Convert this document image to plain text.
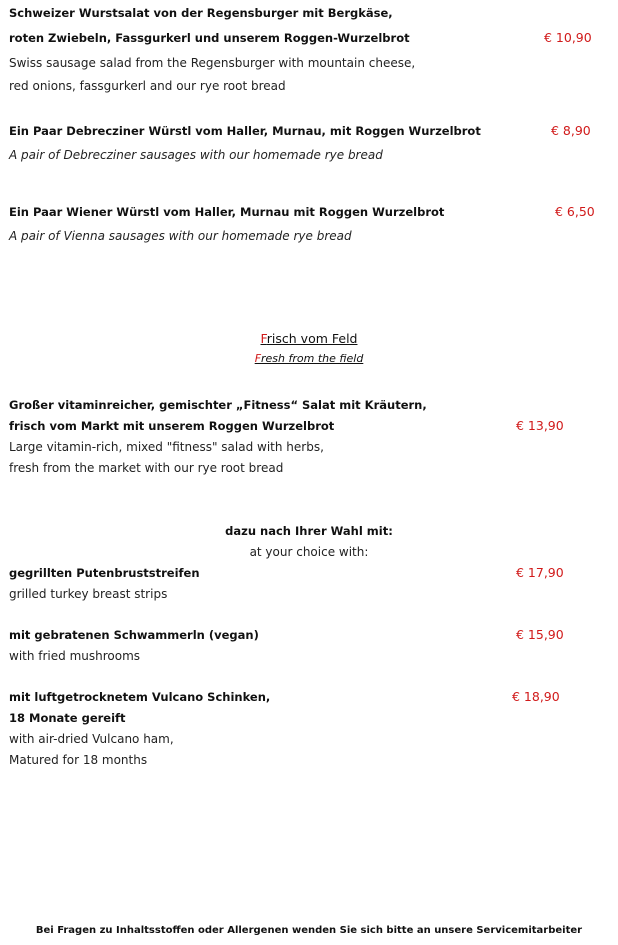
Schweizer Wurstsalat von der Regensburger mit Bergkäse,
roten Zwiebeln, Fassgurkerl und unserem Roggen-Wurzelbrot	€ 10,90
Swiss sausage salad from the Regensburger with mountain cheese,
red onions, fassgurkerl and our rye root bread
Ein Paar Debrecziner Würstl vom Haller, Murnau, mit Roggen Wurzelbrot	€ 8,90
A pair of Debrecziner sausages with our homemade rye bread
Ein Paar Wiener Würstl vom Haller, Murnau mit Roggen Wurzelbrot	€ 6,50
A pair of Vienna sausages with our homemade rye bread
Frisch vom Feld
Fresh from the field
Großer vitaminreicher, gemischter „Fitness“ Salat mit Kräutern,
frisch vom Markt mit unserem Roggen Wurzelbrot	€ 13,90
Large vitamin-rich, mixed "fitness" salad with herbs,
fresh from the market with our rye root bread
dazu nach Ihrer Wahl mit:
at your choice with:
gegrillten Putenbruststreifen	€ 17,90
grilled turkey breast strips
mit gebratenen Schwammerln (vegan)	€ 15,90
with fried mushrooms
mit luftgetrocknetem Vulcano Schinken,	€ 18,90
18 Monate gereift
with air-dried Vulcano ham,
Matured for 18 months
Bei Fragen zu Inhaltsstoffen oder Allergenen wenden Sie sich bitte an unsere Servicemitarbeiter
